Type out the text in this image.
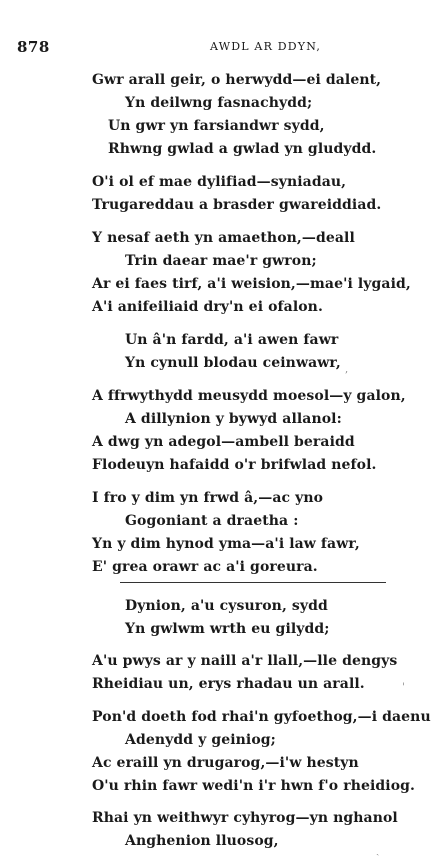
878	AWDL AR DDYN,
Gwr arall geir, o herwydd—ei dalent,
Yn deilwng fasnachydd;
Un gwr yn farsiandwr sydd,
Rhwng gwlad a gwlad yn gludydd.
O'i ol ef mae dylifiad—syniadau,
Trugareddau a brasder gwareiddiad.
Y nesaf aeth yn amaethon,—deall
Trin daear mae'r gwron;
Ar ei faes tirf, a'i weision,—mae'i lygaid,
A'i anifeiliaid dry'n ei ofalon.
Un â'n fardd, a'i awen fawr
Yn cynull blodau ceinwawr, ,
A ffrwythydd meusydd moesol—y galon,
A dillynion y bywyd allanol:
A dwg yn adegol—ambell beraidd
Flodeuyn hafaidd o'r brifwlad nefol.
I fro y dim yn frwd â,—ac yno
Gogoniant a draetha :
Yn y dim hynod yma—a'i law fawr,
E' grea orawr ac a'i goreura.
Dynion, a'u cysuron, sydd
Yn gwlwm wrth eu gilydd;
A'u pwys ar y naill a'r llall,—lle dengys
Rheidiau un, erys rhadau un arall.	'
Pon'd doeth fod rhai'n gyfoethog,—i daenu
Adenydd y geiniog;
Ac eraill yn drugarog,—i'w hestyn
O'u rhin fawr wedi'n i'r hwn f'o rheidiog.
Rhai yn weithwyr cyhyrog—yn nghanol
Anghenion lluosog,
ˎ
